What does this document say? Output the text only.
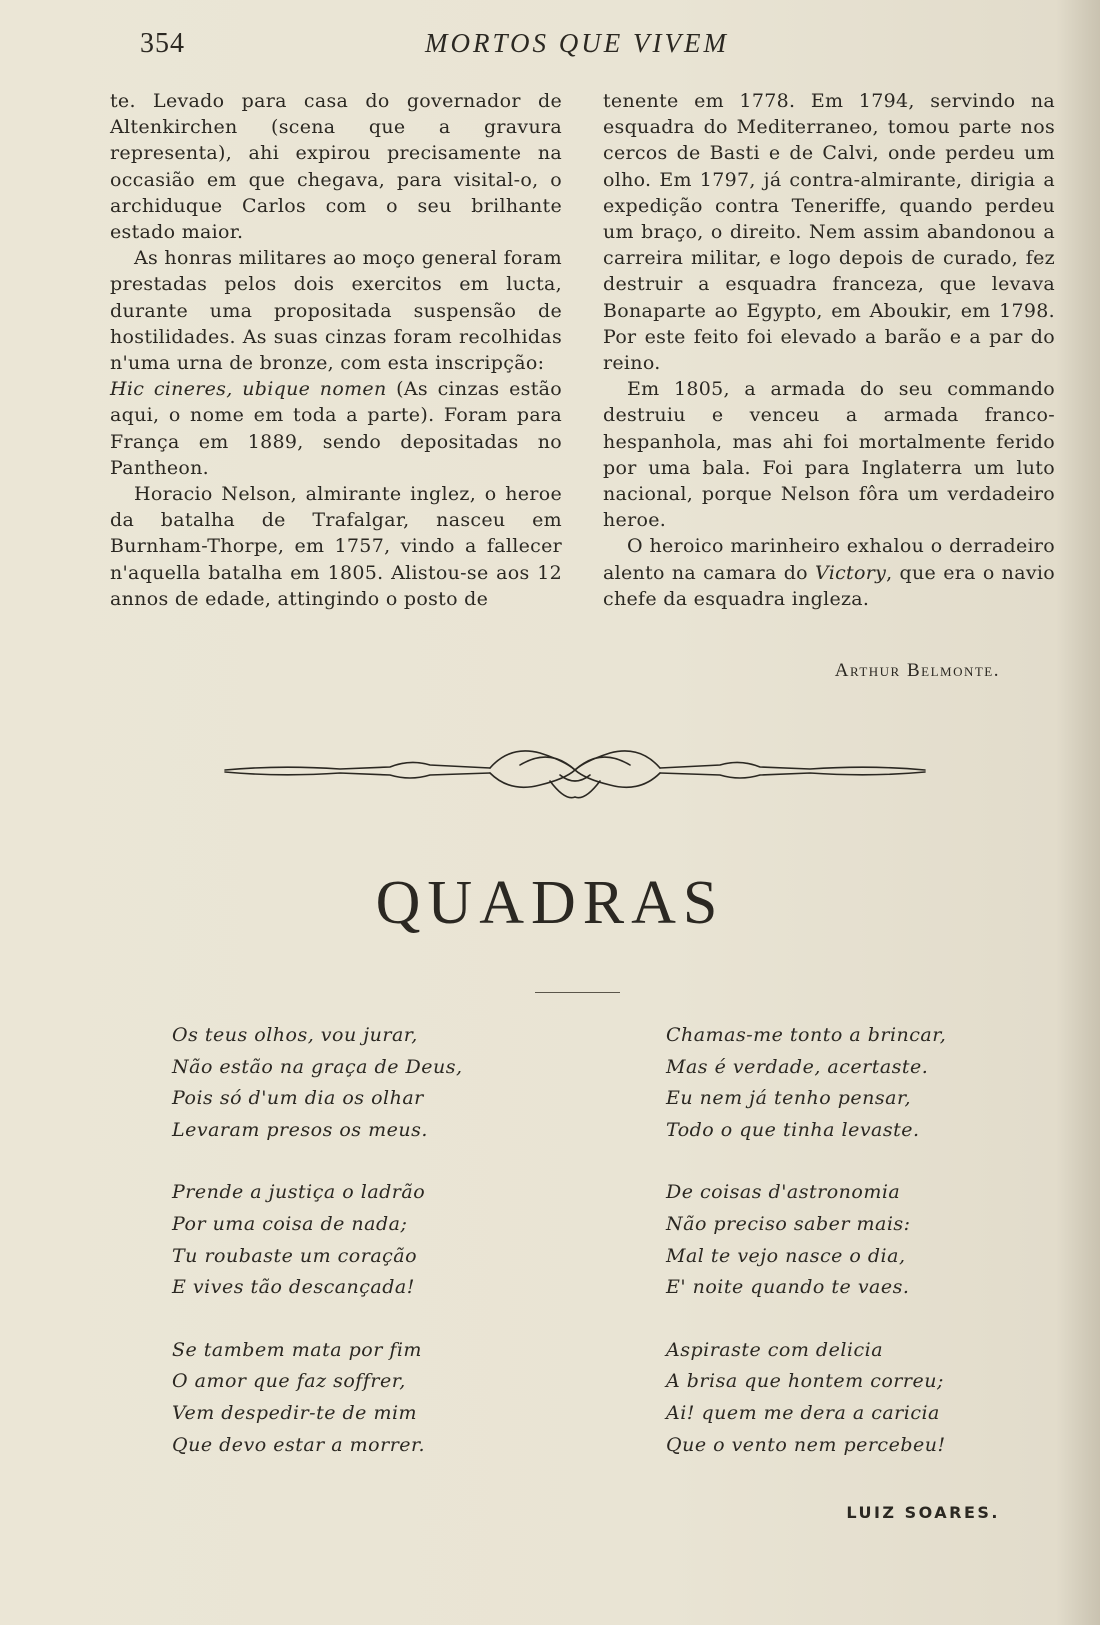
354	MORTOS QUE VIVEM

te. Levado para casa do governador de Altenkirchen (scena que a gravura representa), ahi expirou precisamente na occasião em que chegava, para visital-o, o archiduque Carlos com o seu brilhante estado maior.

As honras militares ao moço general foram prestadas pelos dois exercitos em lucta, durante uma propositada suspensão de hostilidades. As suas cinzas foram recolhidas n'uma urna de bronze, com esta inscripção:

Hic cineres, ubique nomen (As cinzas estão aqui, o nome em toda a parte). Foram para França em 1889, sendo depositadas no Pantheon.

Horacio Nelson, almirante inglez, o heroe da batalha de Trafalgar, nasceu em Burnham-Thorpe, em 1757, vindo a fallecer n'aquella batalha em 1805. Alistou-se aos 12 annos de edade, attingindo o posto de

tenente em 1778. Em 1794, servindo na esquadra do Mediterraneo, tomou parte nos cercos de Basti e de Calvi, onde perdeu um olho. Em 1797, já contra-almirante, dirigia a expedição contra Teneriffe, quando perdeu um braço, o direito. Nem assim abandonou a carreira militar, e logo depois de curado, fez destruir a esquadra franceza, que levava Bonaparte ao Egypto, em Aboukir, em 1798. Por este feito foi elevado a barão e a par do reino.

Em 1805, a armada do seu commando destruiu e venceu a armada franco-hespanhola, mas ahi foi mortalmente ferido por uma bala. Foi para Inglaterra um luto nacional, porque Nelson fôra um verdadeiro heroe.

O heroico marinheiro exhalou o derradeiro alento na camara do Victory, que era o navio chefe da esquadra ingleza.

Arthur Belmonte.
QUADRAS
Os teus olhos, vou jurar,
Não estão na graça de Deus,
Pois só d'um dia os olhar
Levaram presos os meus.
Prende a justiça o ladrão
Por uma coisa de nada;
Tu roubaste um coração
E vives tão descançada!
Se tambem mata por fim
O amor que faz soffrer,
Vem despedir-te de mim
Que devo estar a morrer.
Chamas-me tonto a brincar,
Mas é verdade, acertaste.
Eu nem já tenho pensar,
Todo o que tinha levaste.
De coisas d'astronomia
Não preciso saber mais:
Mal te vejo nasce o dia,
E' noite quando te vaes.
Aspiraste com delicia
A brisa que hontem correu;
Ai! quem me dera a caricia
Que o vento nem percebeu!
LUIZ SOARES.
